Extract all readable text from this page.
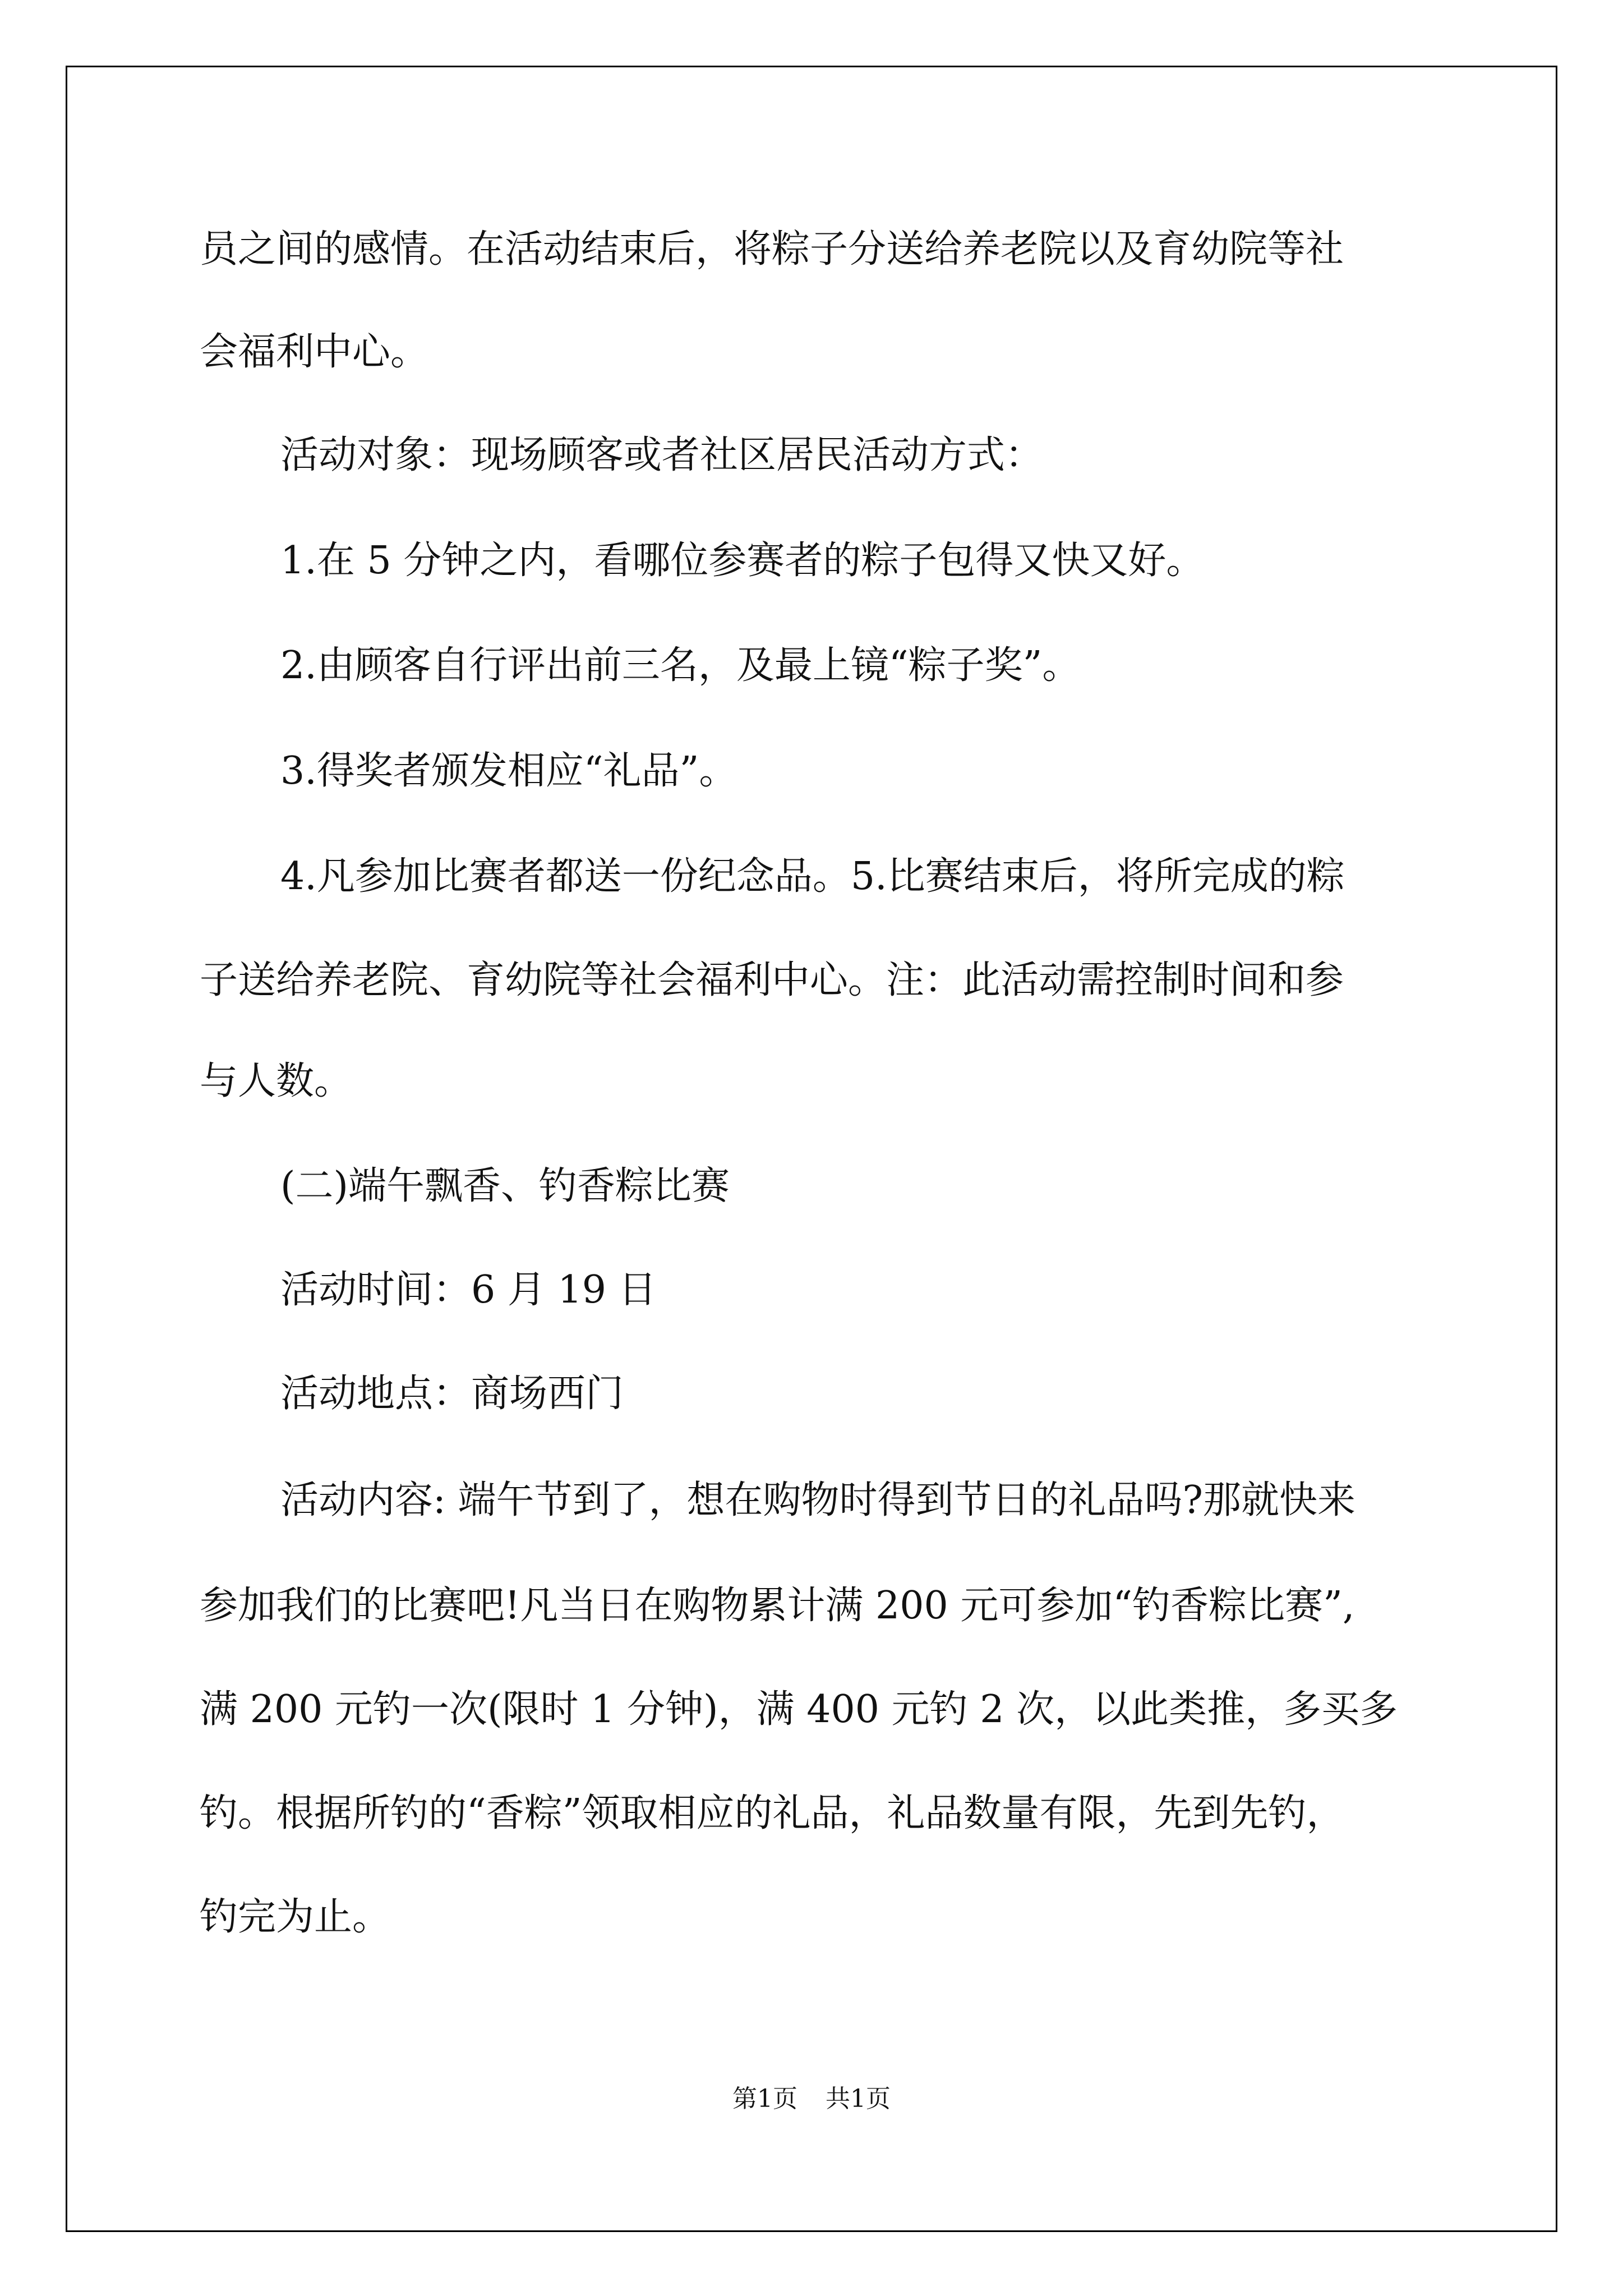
员之间的感情。在活动结束后，将粽子分送给养老院以及育幼院等社

会福利中心。

活动对象：现场顾客或者社区居民活动方式：

1.在 5 分钟之内，看哪位参赛者的粽子包得又快又好。

2.由顾客自行评出前三名，及最上镜“粽子奖”。

3.得奖者颁发相应“礼品”。

4.凡参加比赛者都送一份纪念品。5.比赛结束后，将所完成的粽

子送给养老院、育幼院等社会福利中心。注：此活动需控制时间和参

与人数。

(二)端午飘香、钓香粽比赛

活动时间：6 月 19 日

活动地点：商场西门

活动内容: 端午节到了，想在购物时得到节日的礼品吗?那就快来

参加我们的比赛吧!凡当日在购物累计满 200 元可参加“钓香粽比赛”,

满 200 元钓一次(限时 1 分钟)，满 400 元钓 2 次，以此类推，多买多

钓。根据所钓的“香粽”领取相应的礼品，礼品数量有限，先到先钓，

钓完为止。

第1页 共1页
